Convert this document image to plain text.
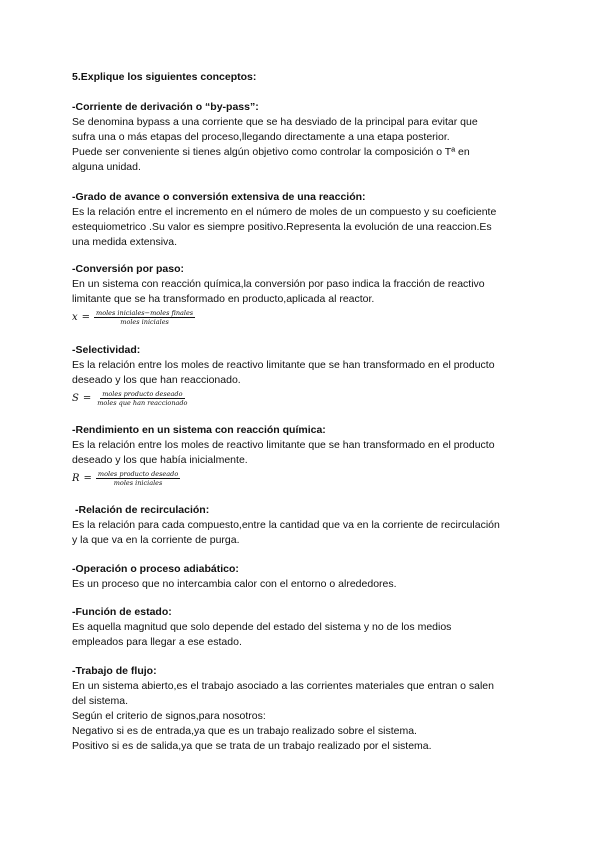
5.Explique los siguientes conceptos:

-Corriente de derivación o “by-pass”:

Se denomina bypass a una corriente que se ha desviado de la principal para evitar que
sufra una o más etapas del proceso,llegando directamente a una etapa posterior.
Puede ser conveniente si tienes algún objetivo como controlar la composición o Tª en
alguna unidad.

-Grado de avance o conversión extensiva de una reacción:

Es la relación entre el incremento en el número de moles de un compuesto y su coeficiente
estequiometrico .Su valor es siempre positivo.Representa la evolución de una reaccion.Es
una medida extensiva.

-Conversión por paso:

En un sistema con reacción química,la conversión por paso indica la fracción de reactivo
limitante que se ha transformado en producto,aplicada al reactor.

$x = \frac{\text{moles iniciales−moles finales}}{\text{moles iniciales}}$

-Selectividad:

Es la relación entre los moles de reactivo limitante que se han transformado en el producto
deseado y los que han reaccionado.

$S = \frac{\text{moles producto deseado}}{\text{moles que han reaccionado}}$

-Rendimiento en un sistema con reacción química:

Es la relación entre los moles de reactivo limitante que se han transformado en el producto
deseado y los que había inicialmente.

$R = \frac{\text{moles producto deseado}}{\text{moles iniciales}}$

-Relación de recirculación:

Es la relación para cada compuesto,entre la cantidad que va en la corriente de recirculación
y la que va en la corriente de purga.

-Operación o proceso adiabático:

Es un proceso que no intercambia calor con el entorno o alrededores.

-Función de estado:

Es aquella magnitud que solo depende del estado del sistema y no de los medios
empleados para llegar a ese estado.

-Trabajo de flujo:

En un sistema abierto,es el trabajo asociado a las corrientes materiales que entran o salen
del sistema.
Según el criterio de signos,para nosotros:
Negativo si es de entrada,ya que es un trabajo realizado sobre el sistema.
Positivo si es de salida,ya que se trata de un trabajo realizado por el sistema.
